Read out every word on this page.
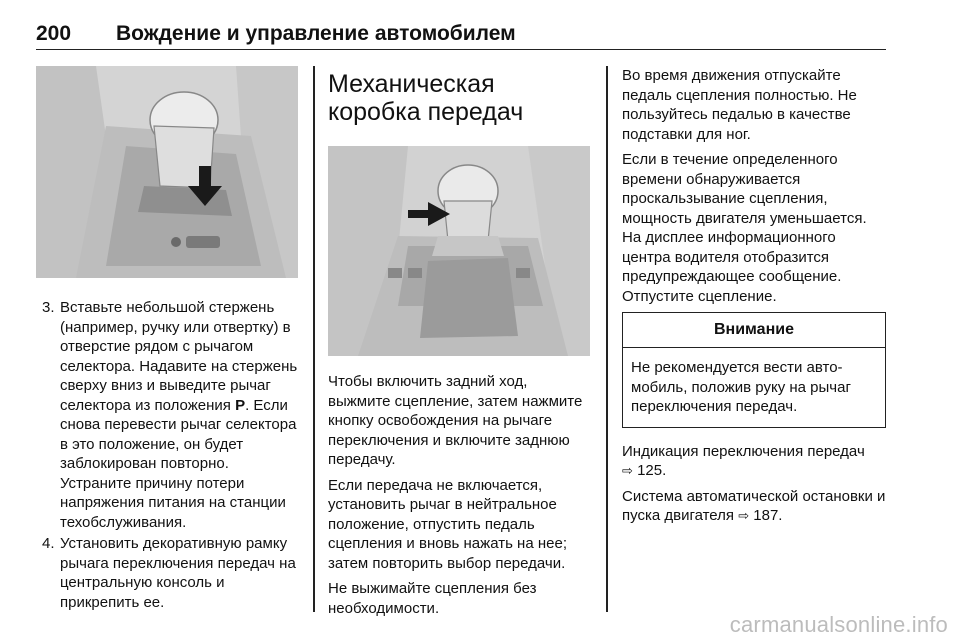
200 Вождение и управление автомобилем
3. Вставьте небольшой стержень (например, ручку или отвертку) в отверстие рядом с рычагом селектора. Надавите на стержень сверху вниз и выведите рычаг селектора из положения P. Если снова перевести рычаг селектора в это положение, он будет заблокирован повторно. Устраните причину потери напряжения питания на станции техобслуживания.
4. Установить декоративную рамку рычага переключения передач на центральную консоль и прикрепить ее.
Механическая коробка передач

Чтобы включить задний ход, выжмите сцепление, затем нажмите кнопку освобождения на рычаге переключения и включите заднюю передачу.

Если передача не включается, установить рычаг в нейтральное положение, отпустить педаль сцепления и вновь нажать на нее; затем повторить выбор передачи.

Не выжимайте сцепления без необходимости.

Во время движения отпускайте педаль сцепления полностью. Не пользуйтесь педалью в качестве подставки для ног.

Если в течение определенного времени обнаруживается проскальзывание сцепления, мощность двигателя уменьшается. На дисплее информационного центра водителя отобразится предупреждающее сообщение. Отпустите сцепление.

Внимание
Не рекомендуется вести автомобиль, положив руку на рычаг переключения передач.

Индикация переключения передач
⇨ 125.

Система автоматической остановки и пуска двигателя ⇨ 187.

carmanualsonline.info
